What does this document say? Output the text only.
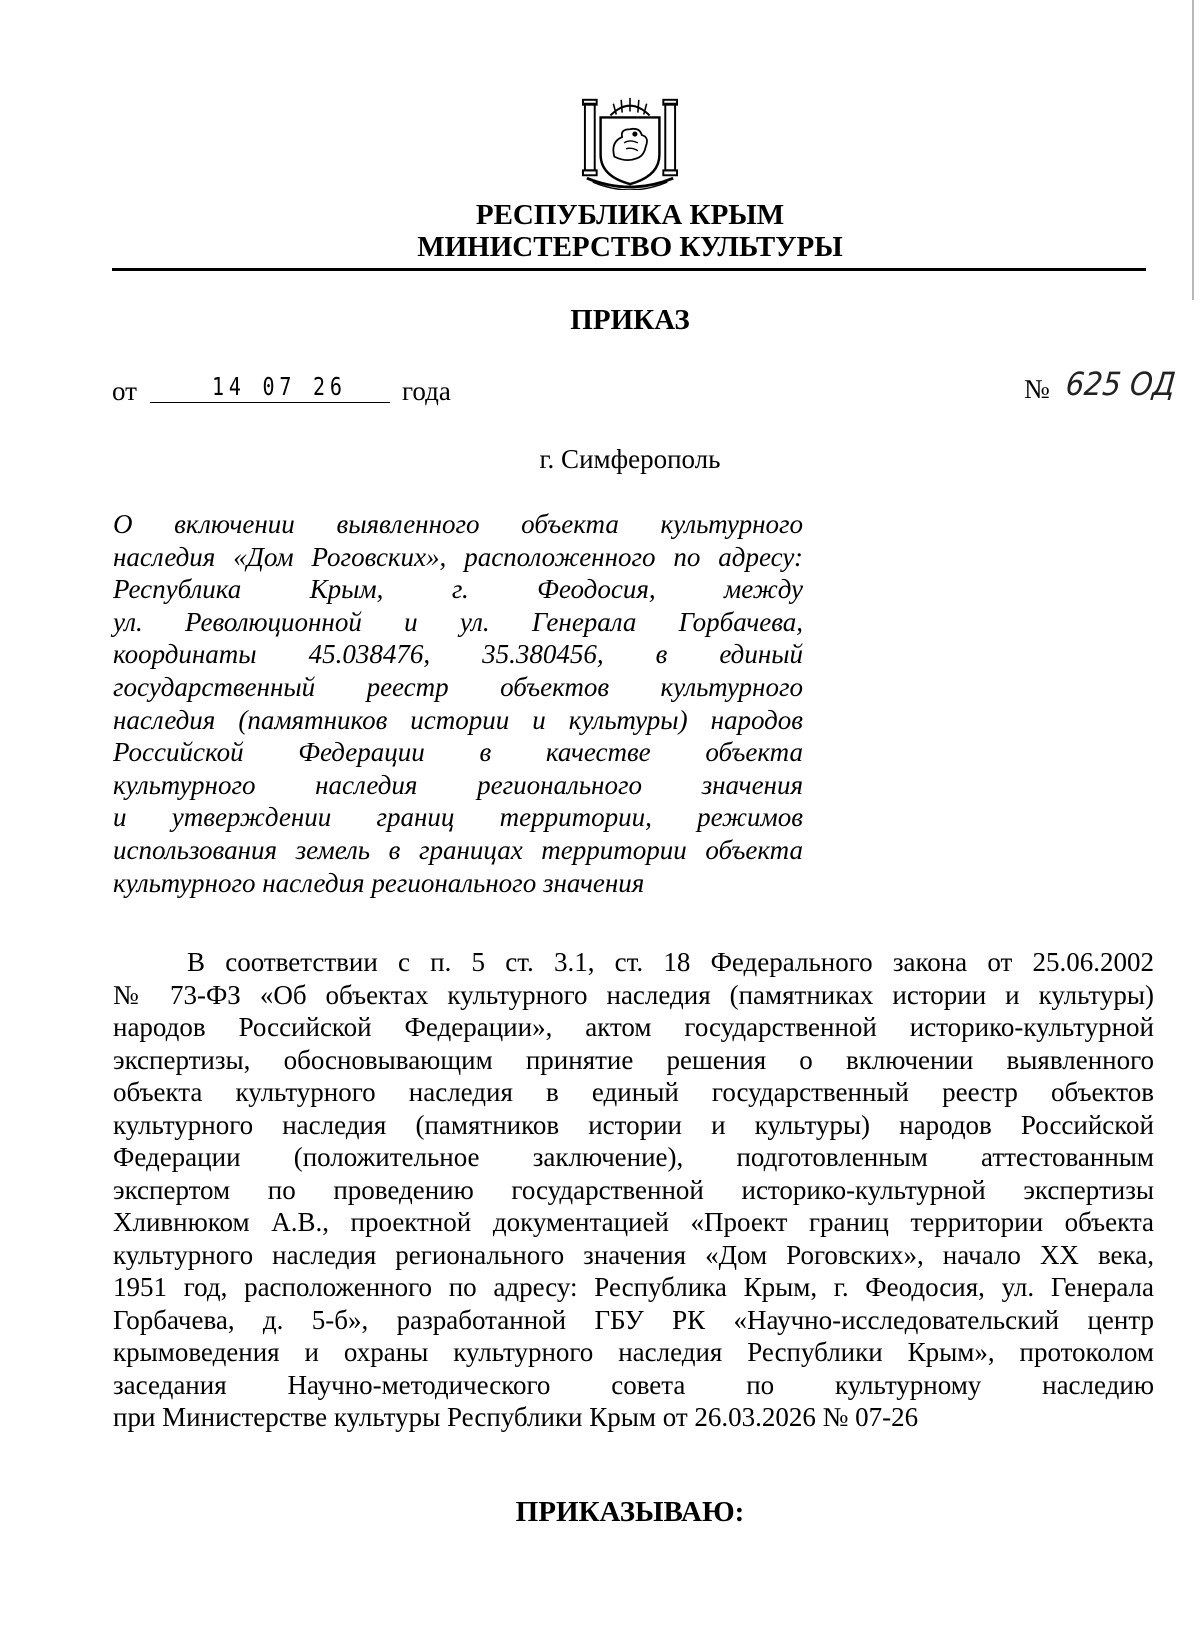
РЕСПУБЛИКА КРЫМ
МИНИСТЕРСТВО КУЛЬТУРЫ
ПРИКАЗ
от	14 07 26 года	№ 625 ОД
г. Симферополь
О включении выявленного объекта культурного
наследия «Дом Роговских», расположенного по адресу:
Республика Крым, г. Феодосия, между
ул. Революционной и ул. Генерала Горбачева,
координаты 45.038476, 35.380456, в единый
государственный реестр объектов культурного
наследия (памятников истории и культуры) народов
Российской Федерации в качестве объекта
культурного наследия регионального значения
и утверждении границ территории, режимов
использования земель в границах территории объекта
культурного наследия регионального значения
В соответствии с п. 5 ст. 3.1, ст. 18 Федерального закона от 25.06.2002
№ 73-ФЗ «Об объектах культурного наследия (памятниках истории и культуры)
народов Российской Федерации», актом государственной историко-культурной
экспертизы, обосновывающим принятие решения о включении выявленного
объекта культурного наследия в единый государственный реестр объектов
культурного наследия (памятников истории и культуры) народов Российской
Федерации (положительное заключение), подготовленным аттестованным
экспертом по проведению государственной историко-культурной экспертизы
Хливнюком А.В., проектной документацией «Проект границ территории объекта
культурного наследия регионального значения «Дом Роговских», начало XX века,
1951 год, расположенного по адресу: Республика Крым, г. Феодосия, ул. Генерала
Горбачева, д. 5-б», разработанной ГБУ РК «Научно-исследовательский центр
крымоведения и охраны культурного наследия Республики Крым», протоколом
заседания Научно-методического совета по культурному наследию
при Министерстве культуры Республики Крым от 26.03.2026 № 07-26
ПРИКАЗЫВАЮ:
